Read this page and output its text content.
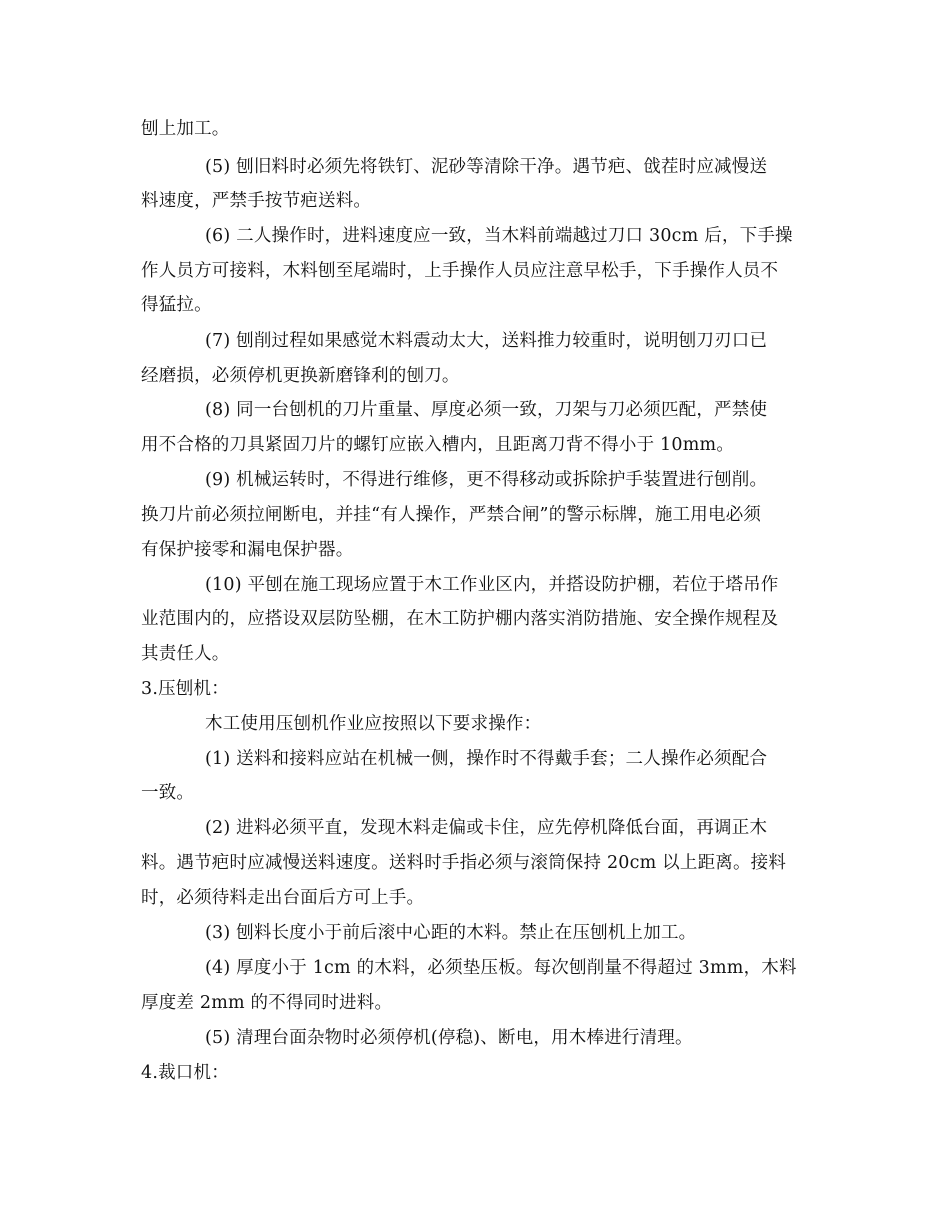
刨上加工。
(5) 刨旧料时必须先将铁钉、泥砂等清除干净。遇节疤、戗茬时应减慢送
料速度，严禁手按节疤送料。
(6) 二人操作时，进料速度应一致，当木料前端越过刀口 30cm 后，下手操
作人员方可接料，木料刨至尾端时，上手操作人员应注意早松手，下手操作人员不
得猛拉。
(7) 刨削过程如果感觉木料震动太大，送料推力较重时，说明刨刀刃口已
经磨损，必须停机更换新磨锋利的刨刀。
(8) 同一台刨机的刀片重量、厚度必须一致，刀架与刀必须匹配，严禁使
用不合格的刀具紧固刀片的螺钉应嵌入槽内，且距离刀背不得小于 10mm。
(9) 机械运转时，不得进行维修，更不得移动或拆除护手装置进行刨削。
换刀片前必须拉闸断电，并挂“有人操作，严禁合闸”的警示标牌，施工用电必须
有保护接零和漏电保护器。
(10) 平刨在施工现场应置于木工作业区内，并搭设防护棚，若位于塔吊作
业范围内的，应搭设双层防坠棚，在木工防护棚内落实消防措施、安全操作规程及
其责任人。
3.压刨机：
木工使用压刨机作业应按照以下要求操作：
(1) 送料和接料应站在机械一侧，操作时不得戴手套；二人操作必须配合
一致。
(2) 进料必须平直，发现木料走偏或卡住，应先停机降低台面，再调正木
料。遇节疤时应减慢送料速度。送料时手指必须与滚筒保持 20cm 以上距离。接料
时，必须待料走出台面后方可上手。
(3) 刨料长度小于前后滚中心距的木料。禁止在压刨机上加工。
(4) 厚度小于 1cm 的木料，必须垫压板。每次刨削量不得超过 3mm，木料
厚度差 2mm 的不得同时进料。
(5) 清理台面杂物时必须停机(停稳)、断电，用木棒进行清理。
4.裁口机：
